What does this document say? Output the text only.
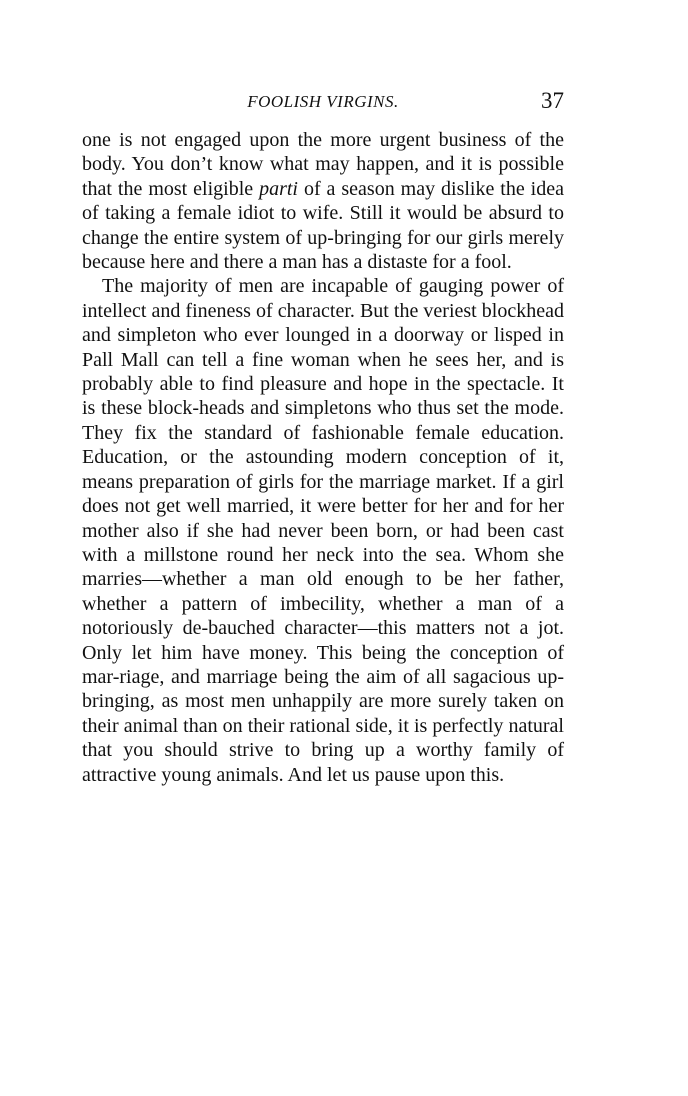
FOOLISH VIRGINS.	37

one is not engaged upon the more urgent business of the body. You don’t know what may happen, and it is possible that the most eligible parti of a season may dislike the idea of taking a female idiot to wife. Still it would be absurd to change the entire system of up-bringing for our girls merely because here and there a man has a distaste for a fool.

The majority of men are incapable of gauging power of intellect and fineness of character. But the veriest blockhead and simpleton who ever lounged in a doorway or lisped in Pall Mall can tell a fine woman when he sees her, and is probably able to find pleasure and hope in the spectacle. It is these block-heads and simpletons who thus set the mode. They fix the standard of fashionable female education. Education, or the astounding modern conception of it, means preparation of girls for the marriage market. If a girl does not get well married, it were better for her and for her mother also if she had never been born, or had been cast with a millstone round her neck into the sea. Whom she marries—whether a man old enough to be her father, whether a pattern of imbecility, whether a man of a notoriously de-bauched character—this matters not a jot. Only let him have money. This being the conception of mar-riage, and marriage being the aim of all sagacious up-bringing, as most men unhappily are more surely taken on their animal than on their rational side, it is perfectly natural that you should strive to bring up a worthy family of attractive young animals. And let us pause upon this.
